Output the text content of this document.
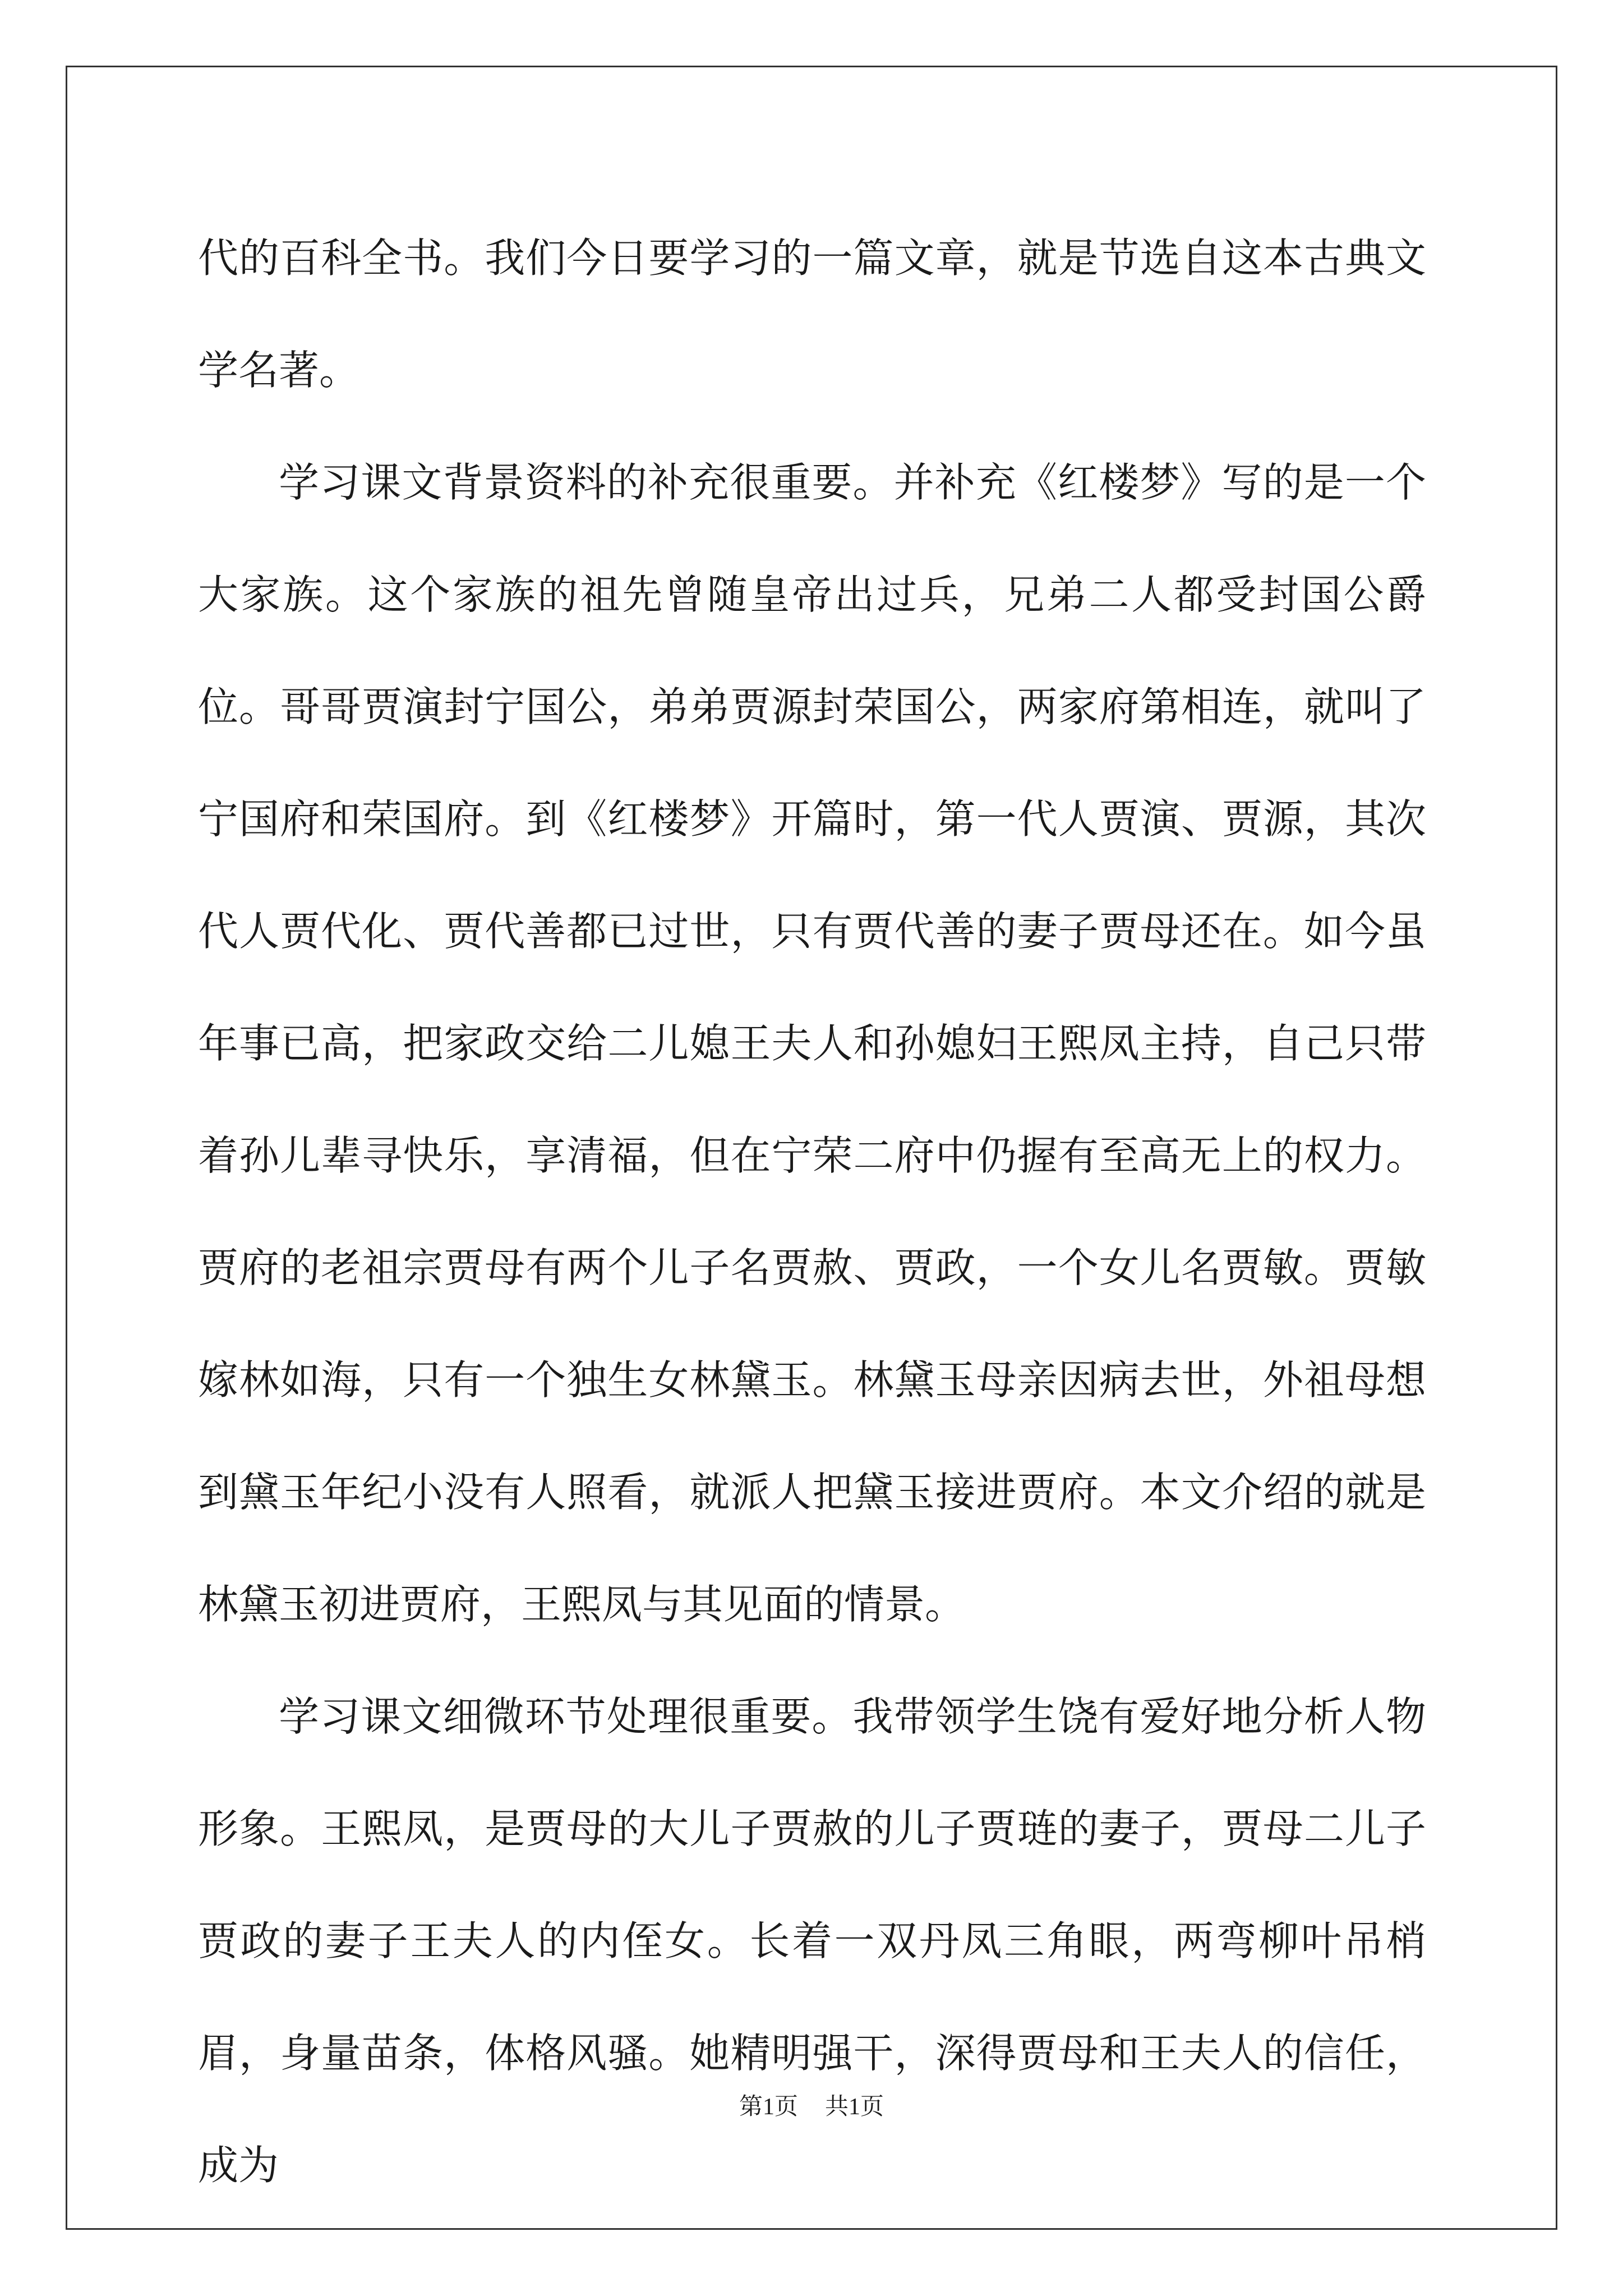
代的百科全书。我们今日要学习的一篇文章，就是节选自这本古典文学名著。

学习课文背景资料的补充很重要。并补充《红楼梦》写的是一个大家族。这个家族的祖先曾随皇帝出过兵，兄弟二人都受封国公爵位。哥哥贾演封宁国公，弟弟贾源封荣国公，两家府第相连，就叫了宁国府和荣国府。到《红楼梦》开篇时，第一代人贾演、贾源，其次代人贾代化、贾代善都已过世，只有贾代善的妻子贾母还在。如今虽年事已高，把家政交给二儿媳王夫人和孙媳妇王熙凤主持，自己只带着孙儿辈寻快乐，享清福，但在宁荣二府中仍握有至高无上的权力。贾府的老祖宗贾母有两个儿子名贾赦、贾政，一个女儿名贾敏。贾敏嫁林如海，只有一个独生女林黛玉。林黛玉母亲因病去世，外祖母想到黛玉年纪小没有人照看，就派人把黛玉接进贾府。本文介绍的就是林黛玉初进贾府，王熙凤与其见面的情景。

学习课文细微环节处理很重要。我带领学生饶有爱好地分析人物形象。王熙凤，是贾母的大儿子贾赦的儿子贾琏的妻子，贾母二儿子贾政的妻子王夫人的内侄女。长着一双丹凤三角眼，两弯柳叶吊梢眉，身量苗条，体格风骚。她精明强干，深得贾母和王夫人的信任，成为

第1页 共1页
